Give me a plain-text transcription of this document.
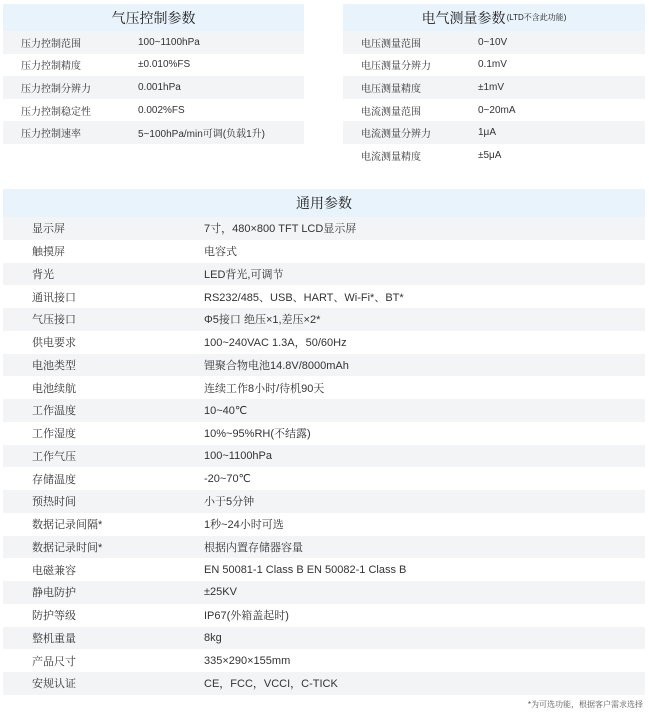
气压控制参数
压力控制范围	100~1100hPa
压力控制精度	±0.010%FS
压力控制分辨力	0.001hPa
压力控制稳定性	0.002%FS
压力控制速率	5~100hPa/min可调(负载1升)
电气测量参数 (LTD不含此功能)
电压测量范围	0~10V
电压测量分辨力	0.1mV
电压测量精度	±1mV
电流测量范围	0~20mA
电流测量分辨力	1μA
电流测量精度	±5μA
通用参数
显示屏	7寸，480×800 TFT LCD显示屏
触摸屏	电容式
背光	LED背光,可调节
通讯接口	RS232/485、USB、HART、Wi-Fi*、BT*
气压接口	Φ5接口 绝压×1,差压×2*
供电要求	100~240VAC 1.3A，50/60Hz
电池类型	锂聚合物电池14.8V/8000mAh
电池续航	连续工作8小时/待机90天
工作温度	10~40℃
工作湿度	10%~95%RH(不结露)
工作气压	100~1100hPa
存储温度	-20~70℃
预热时间	小于5分钟
数据记录间隔*	1秒~24小时可选
数据记录时间*	根据内置存储器容量
电磁兼容	EN 50081-1 Class B EN 50082-1 Class B
静电防护	±25KV
防护等级	IP67(外箱盖起时)
整机重量	8kg
产品尺寸	335×290×155mm
安规认证	CE，FCC，VCCI，C-TICK
*为可选功能，根据客户需求选择
